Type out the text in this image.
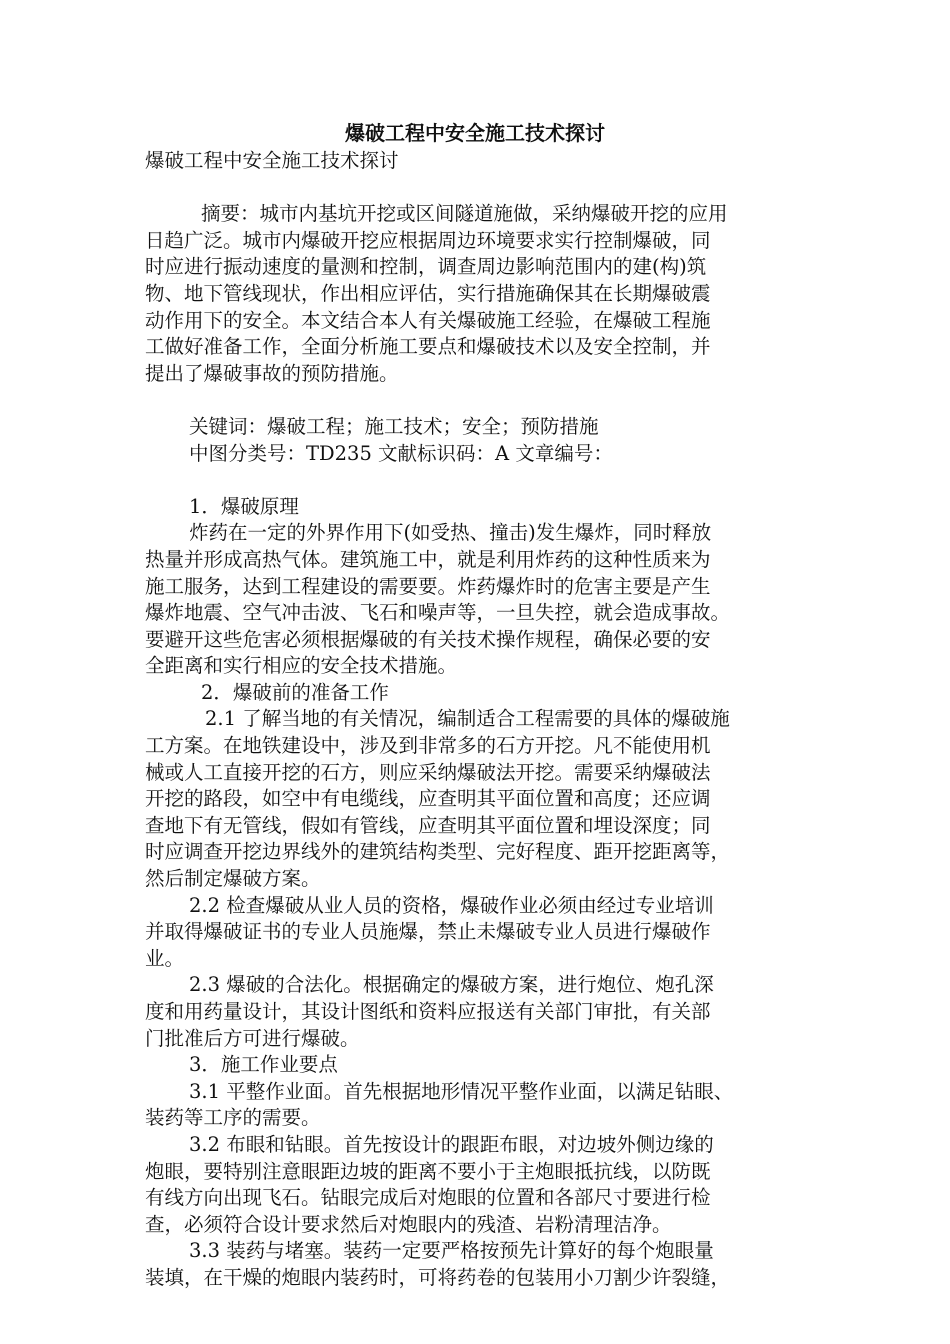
爆破工程中安全施工技术探讨

爆破工程中安全施工技术探讨

摘要：城市内基坑开挖或区间隧道施做，采纳爆破开挖的应用

日趋广泛。城市内爆破开挖应根据周边环境要求实行控制爆破，同

时应进行振动速度的量测和控制，调查周边影响范围内的建(构)筑

物、地下管线现状，作出相应评估，实行措施确保其在长期爆破震

动作用下的安全。本文结合本人有关爆破施工经验，在爆破工程施

工做好准备工作，全面分析施工要点和爆破技术以及安全控制，并

提出了爆破事故的预防措施。

关键词：爆破工程；施工技术；安全；预防措施

中图分类号：TD235 文献标识码：A 文章编号：

1．爆破原理

炸药在一定的外界作用下(如受热、撞击)发生爆炸，同时释放

热量并形成高热气体。建筑施工中，就是利用炸药的这种性质来为

施工服务，达到工程建设的需要要。炸药爆炸时的危害主要是产生

爆炸地震、空气冲击波、飞石和噪声等，一旦失控，就会造成事故。

要避开这些危害必须根据爆破的有关技术操作规程，确保必要的安

全距离和实行相应的安全技术措施。

2．爆破前的准备工作

2.1 了解当地的有关情况，编制适合工程需要的具体的爆破施

工方案。在地铁建设中，涉及到非常多的石方开挖。凡不能使用机

械或人工直接开挖的石方，则应采纳爆破法开挖。需要采纳爆破法

开挖的路段，如空中有电缆线，应查明其平面位置和高度；还应调

查地下有无管线，假如有管线，应查明其平面位置和埋设深度；同

时应调查开挖边界线外的建筑结构类型、完好程度、距开挖距离等，

然后制定爆破方案。

2.2 检查爆破从业人员的资格，爆破作业必须由经过专业培训

并取得爆破证书的专业人员施爆，禁止未爆破专业人员进行爆破作

业。

2.3 爆破的合法化。根据确定的爆破方案，进行炮位、炮孔深

度和用药量设计，其设计图纸和资料应报送有关部门审批，有关部

门批准后方可进行爆破。

3．施工作业要点

3.1 平整作业面。首先根据地形情况平整作业面，以满足钻眼、

装药等工序的需要。

3.2 布眼和钻眼。首先按设计的跟距布眼，对边坡外侧边缘的

炮眼，要特别注意眼距边坡的距离不要小于主炮眼抵抗线，以防既

有线方向出现飞石。钻眼完成后对炮眼的位置和各部尺寸要进行检

查，必须符合设计要求然后对炮眼内的残渣、岩粉清理洁净。

3.3 装药与堵塞。装药一定要严格按预先计算好的每个炮眼量

装填，在干燥的炮眼内装药时，可将药卷的包装用小刀割少许裂缝，
